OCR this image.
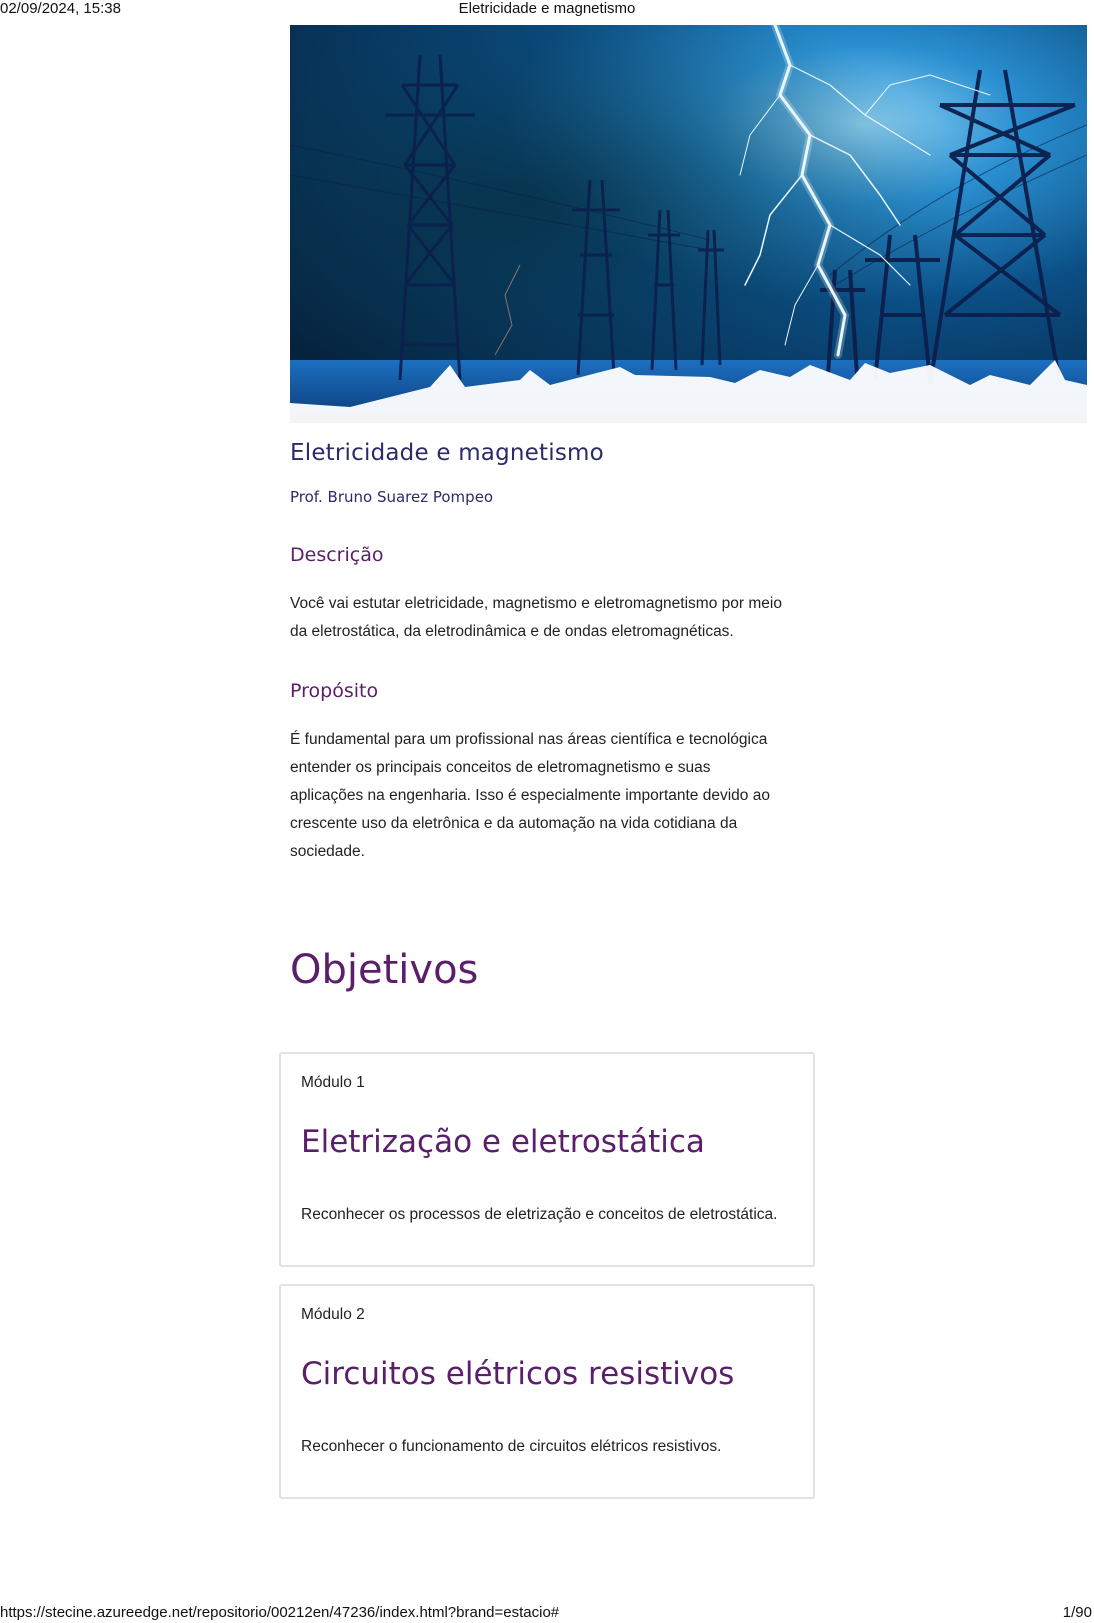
02/09/2024, 15:38	Eletricidade e magnetismo
Eletricidade e magnetismo
Prof. Bruno Suarez Pompeo
Descrição

Você vai estutar eletricidade, magnetismo e eletromagnetismo por meio

da eletrostática, da eletrodinâmica e de ondas eletromagnéticas.

Propósito

É fundamental para um profissional nas áreas científica e tecnológica

entender os principais conceitos de eletromagnetismo e suas

aplicações na engenharia. Isso é especialmente importante devido ao

crescente uso da eletrônica e da automação na vida cotidiana da

sociedade.

Objetivos
Módulo 1
Eletrização e eletrostática
Reconhecer os processos de eletrização e conceitos de eletrostática.
Módulo 2
Circuitos elétricos resistivos
Reconhecer o funcionamento de circuitos elétricos resistivos.
https://stecine.azureedge.net/repositorio/00212en/47236/index.html?brand=estacio#	1/90
